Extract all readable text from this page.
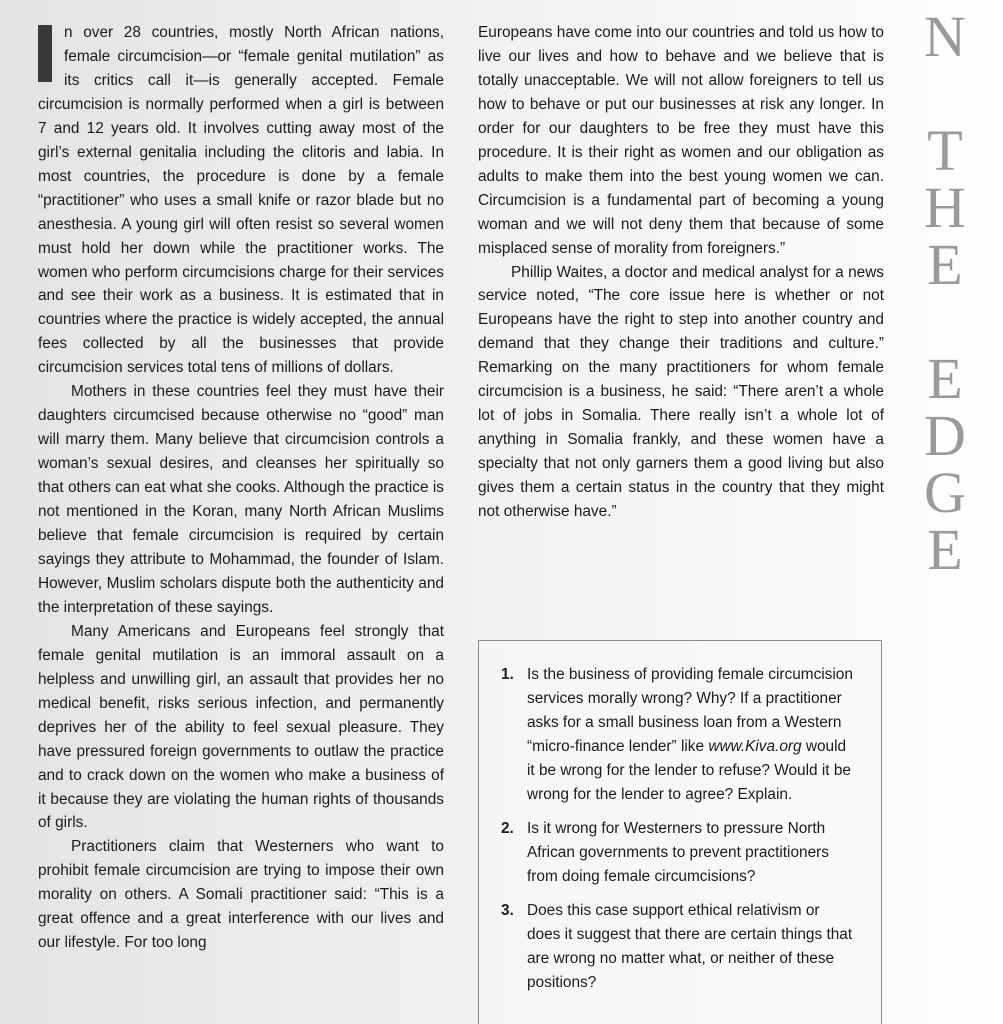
N
T
H
E
E
D
G
E

n over 28 countries, mostly North African nations, female circumcision—or “female genital mutilation” as its critics call it—is generally accepted. Female circumcision is normally performed when a girl is between 7 and 12 years old. It involves cutting away most of the girl’s external genitalia including the clitoris and labia. In most countries, the procedure is done by a female “practitioner” who uses a small knife or razor blade but no anesthesia. A young girl will often resist so several women must hold her down while the practitioner works. The women who perform circumcisions charge for their services and see their work as a business. It is estimated that in countries where the practice is widely accepted, the annual fees collected by all the businesses that provide circumcision services total tens of millions of dollars.

Mothers in these countries feel they must have their daughters circumcised because otherwise no “good” man will marry them. Many believe that circumcision controls a woman’s sexual desires, and cleanses her spiritually so that others can eat what she cooks. Although the practice is not mentioned in the Koran, many North African Muslims believe that female circumcision is required by certain sayings they attribute to Mohammad, the founder of Islam. However, Muslim scholars dispute both the authenticity and the interpretation of these sayings.

Many Americans and Europeans feel strongly that female genital mutilation is an immoral assault on a helpless and unwilling girl, an assault that provides her no medical benefit, risks serious infection, and permanently deprives her of the ability to feel sexual pleasure. They have pressured foreign governments to outlaw the practice and to crack down on the women who make a business of it because they are violating the human rights of thousands of girls.

Practitioners claim that Westerners who want to prohibit female circumcision are trying to impose their own morality on others. A Somali practitioner said: “This is a great offence and a great interference with our lives and our lifestyle. For too long

Europeans have come into our countries and told us how to live our lives and how to behave and we believe that is totally unacceptable. We will not allow foreigners to tell us how to behave or put our businesses at risk any longer. In order for our daughters to be free they must have this procedure. It is their right as women and our obligation as adults to make them into the best young women we can. Circumcision is a fundamental part of becoming a young woman and we will not deny them that because of some misplaced sense of morality from foreigners.”

Phillip Waites, a doctor and medical analyst for a news service noted, “The core issue here is whether or not Europeans have the right to step into another country and demand that they change their traditions and culture.” Remarking on the many practitioners for whom female circumcision is a business, he said: “There aren’t a whole lot of jobs in Somalia. There really isn’t a whole lot of anything in Somalia frankly, and these women have a specialty that not only garners them a good living but also gives them a certain status in the country that they might not otherwise have.”

1. Is the business of providing female circumcision services morally wrong? Why? If a practitioner asks for a small business loan from a Western “micro-finance lender” like www.Kiva.org would it be wrong for the lender to refuse? Would it be wrong for the lender to agree? Explain.
2. Is it wrong for Westerners to pressure North African governments to prevent practitioners from doing female circumcisions?
3. Does this case support ethical relativism or does it suggest that there are certain things that are wrong no matter what, or neither of these positions?
